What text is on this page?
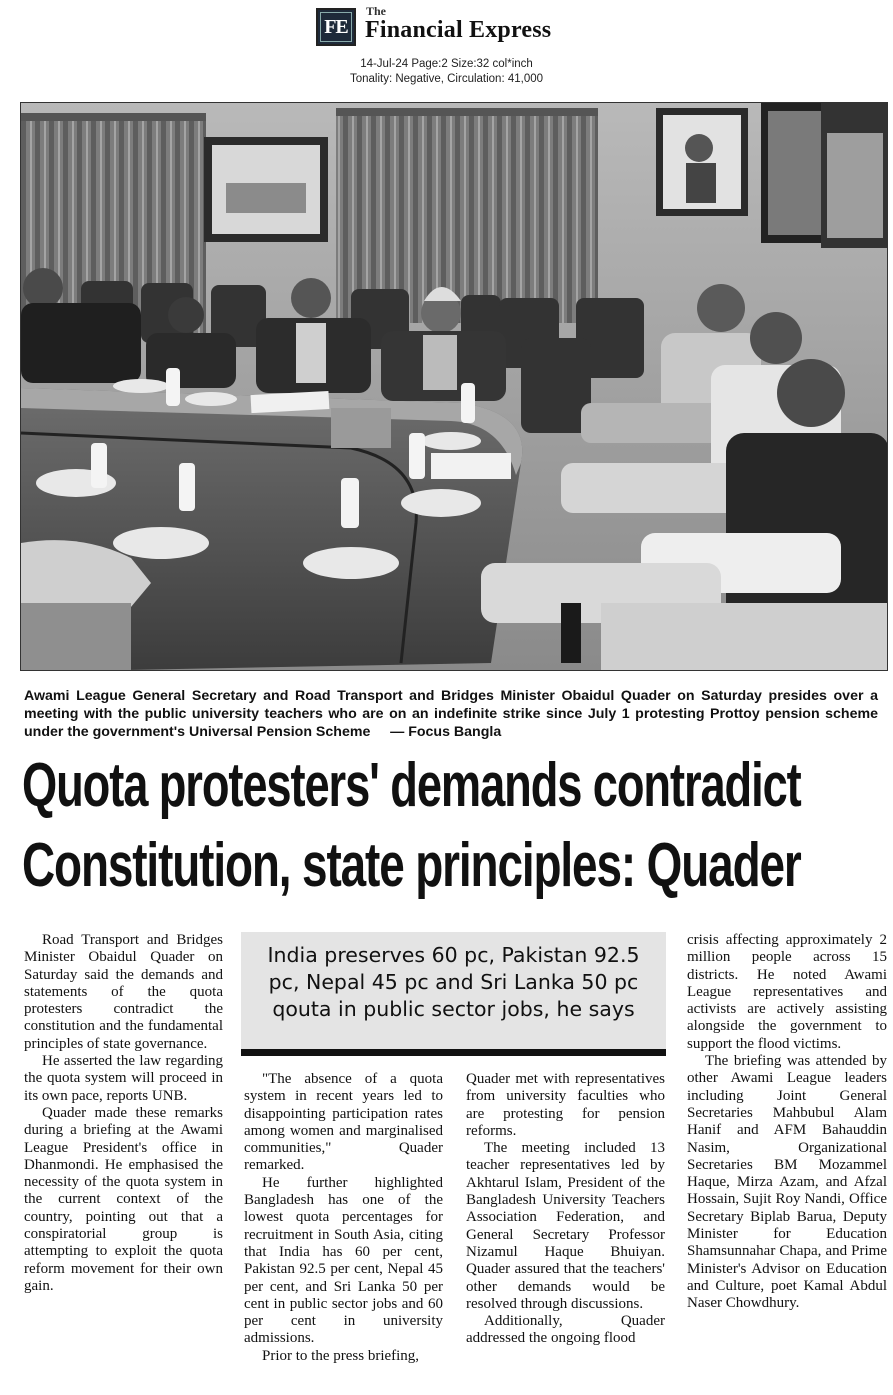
FE
The
Financial Express
14-Jul-24 Page:2 Size:32 col*inch
Tonality: Negative, Circulation: 41,000
Awami League General Secretary and Road Transport and Bridges Minister Obaidul Quader on Saturday presides over a meeting with the public university teachers who are on an indefinite strike since July 1 protesting Prottoy pension scheme under the government's Universal Pension Scheme — Focus Bangla
Quota protesters' demands contradict
Constitution, state principles: Quader
India preserves 60 pc, Pakistan 92.5 pc, Nepal 45 pc and Sri Lanka 50 pc qouta in public sector jobs, he says

Road Transport and Bridges Minister Obaidul Quader on Saturday said the demands and statements of the quota protesters contradict the constitution and the fundamental principles of state governance.

He asserted the law regarding the quota system will proceed in its own pace, reports UNB.

Quader made these remarks during a briefing at the Awami League President's office in Dhanmondi. He emphasised the necessity of the quota system in the current context of the country, pointing out that a conspiratorial group is attempting to exploit the quota reform movement for their own gain.

"The absence of a quota system in recent years led to disappointing participation rates among women and marginalised communities," Quader remarked.

He further highlighted Bangladesh has one of the lowest quota percentages for recruitment in South Asia, citing that India has 60 per cent, Pakistan 92.5 per cent, Nepal 45 per cent, and Sri Lanka 50 per cent in public sector jobs and 60 per cent in university admissions.

Prior to the press briefing,

Quader met with representatives from university faculties who are protesting for pension reforms.

The meeting included 13 teacher representatives led by Akhtarul Islam, President of the Bangladesh University Teachers Association Federation, and General Secretary Professor Nizamul Haque Bhuiyan. Quader assured that the teachers' other demands would be resolved through discussions.

Additionally, Quader addressed the ongoing flood

crisis affecting approximately 2 million people across 15 districts. He noted Awami League representatives and activists are actively assisting alongside the government to support the flood victims.

The briefing was attended by other Awami League leaders including Joint General Secretaries Mahbubul Alam Hanif and AFM Bahauddin Nasim, Organizational Secretaries BM Mozammel Haque, Mirza Azam, and Afzal Hossain, Sujit Roy Nandi, Office Secretary Biplab Barua, Deputy Minister for Education Shamsunnahar Chapa, and Prime Minister's Advisor on Education and Culture, poet Kamal Abdul Naser Chowdhury.
